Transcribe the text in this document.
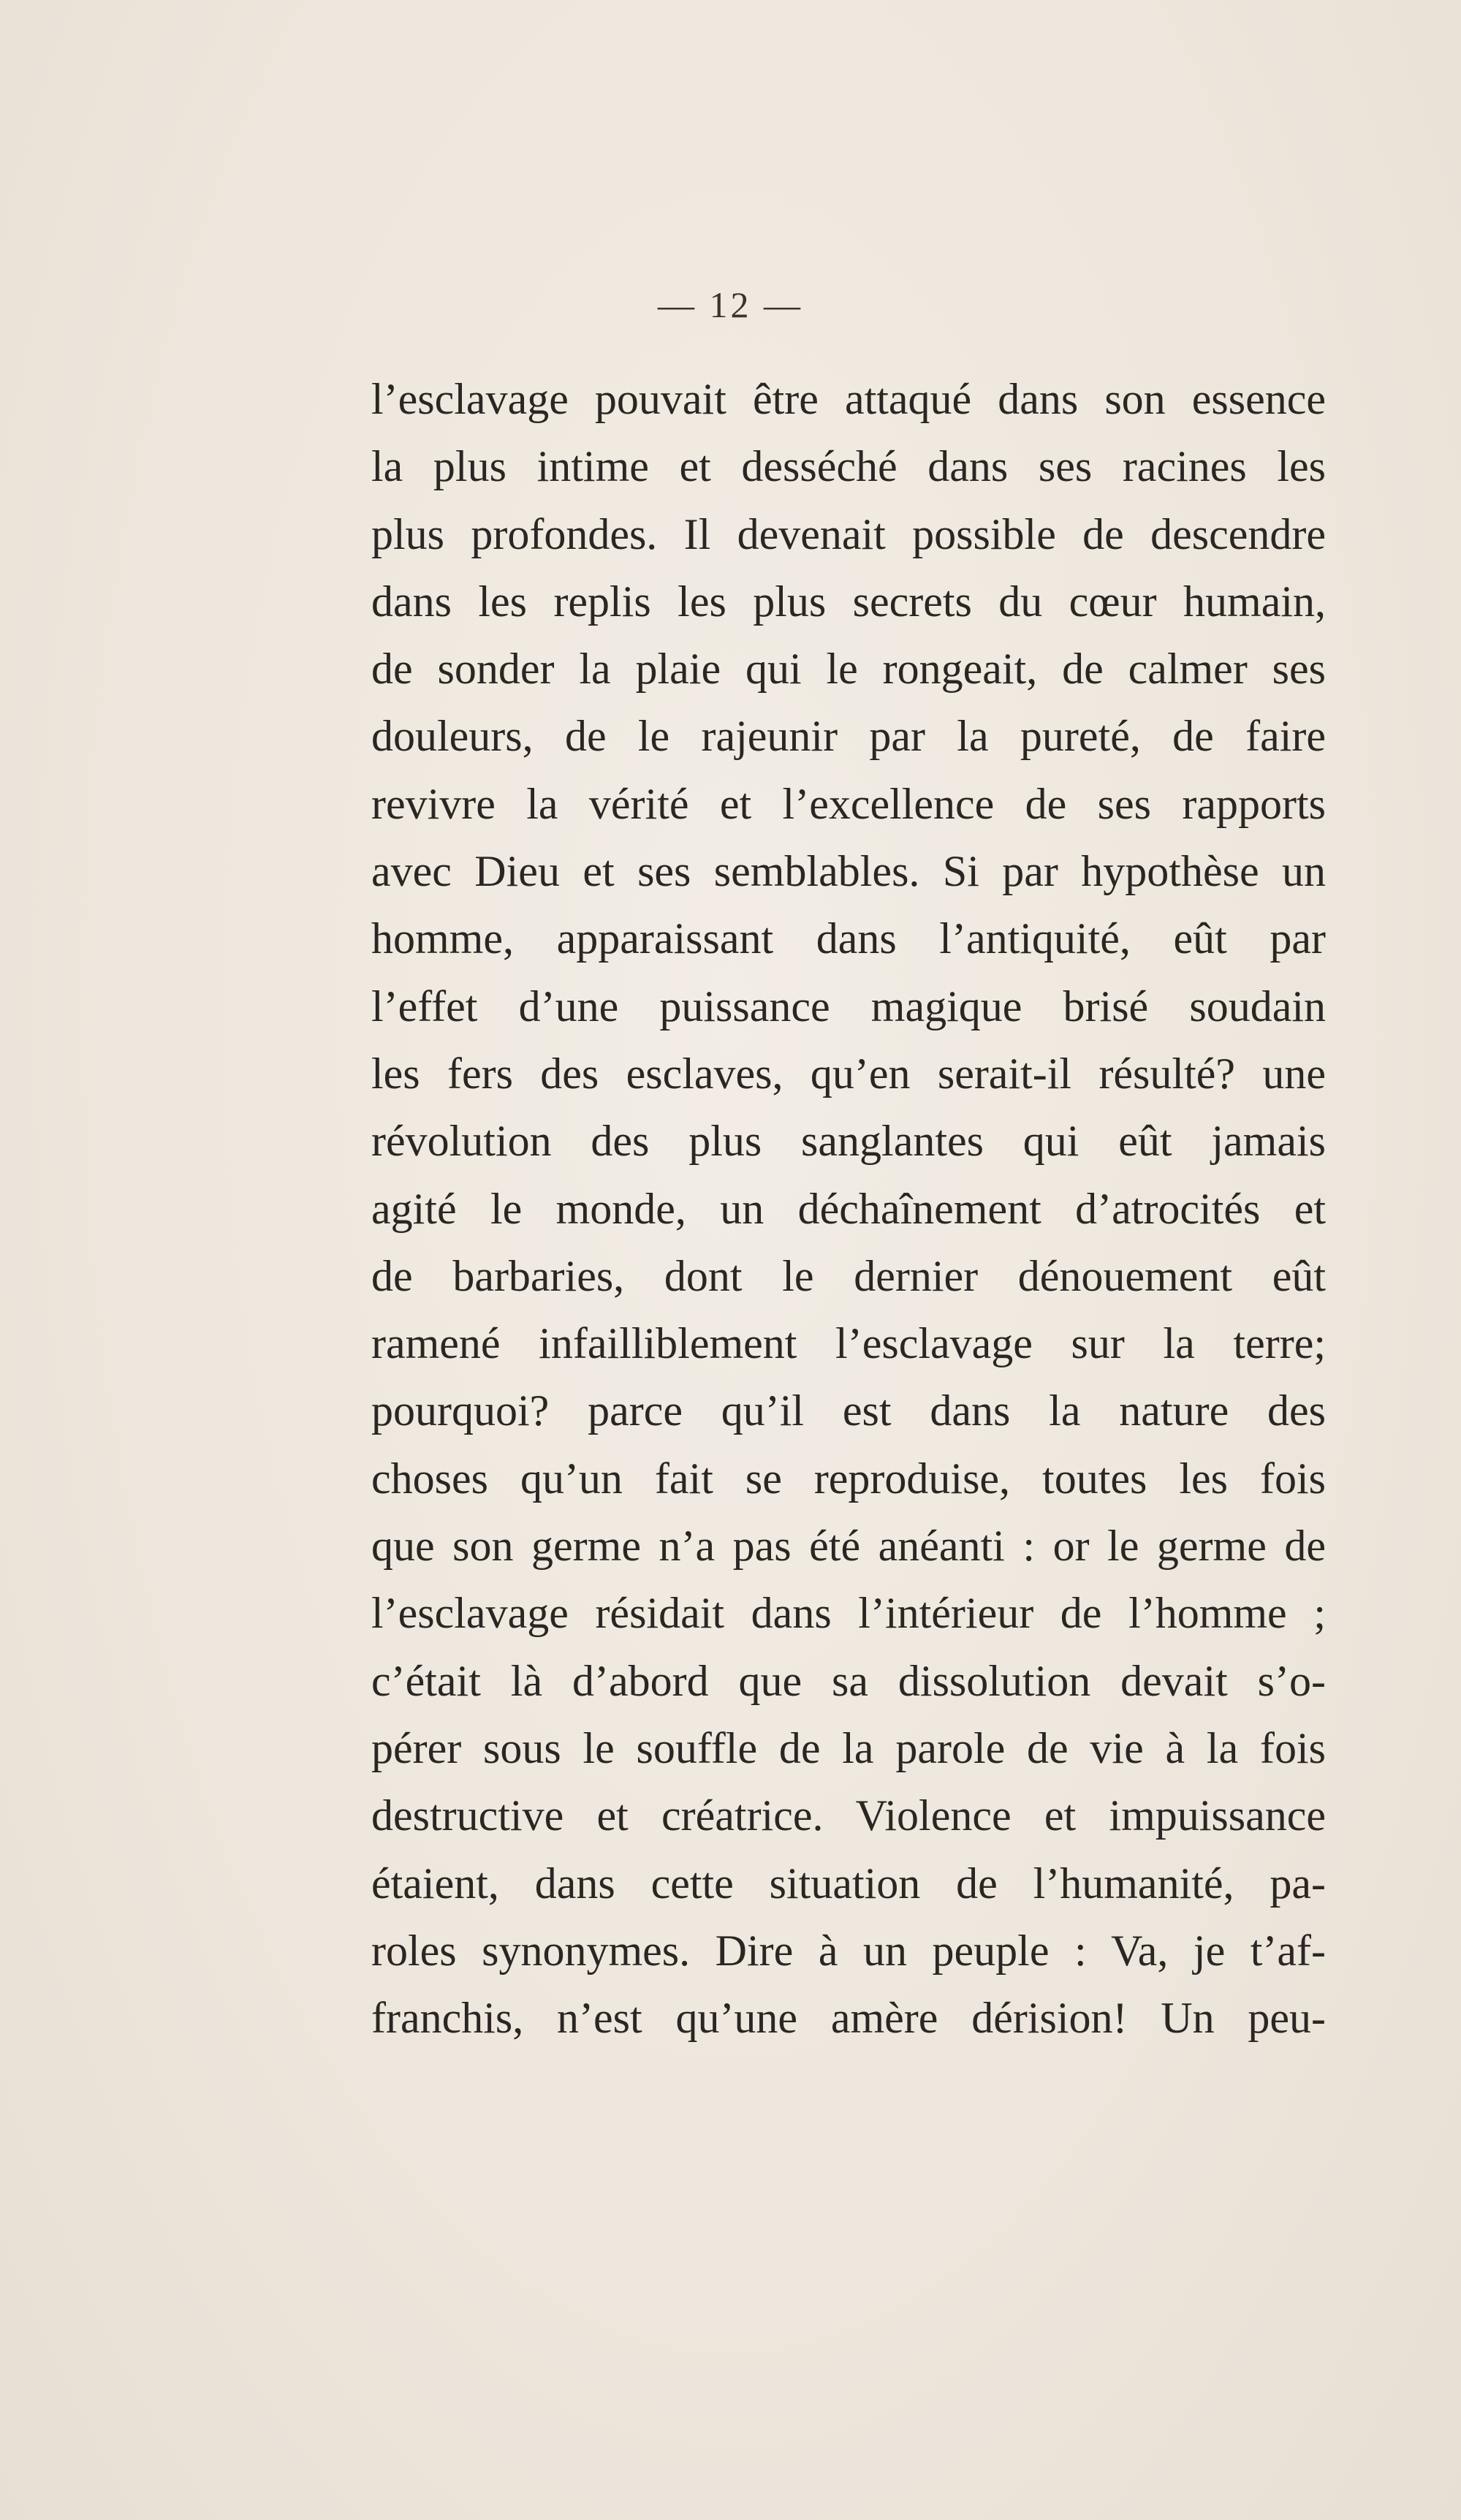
— 12 —
l’esclavage pouvait être attaqué dans son essence
la plus intime et desséché dans ses racines les
plus profondes. Il devenait possible de descendre
dans les replis les plus secrets du cœur humain,
de sonder la plaie qui le rongeait, de calmer ses
douleurs, de le rajeunir par la pureté, de faire
revivre la vérité et l’excellence de ses rapports
avec Dieu et ses semblables. Si par hypothèse un
homme, apparaissant dans l’antiquité, eût par
l’effet d’une puissance magique brisé soudain
les fers des esclaves, qu’en serait-il résulté? une
révolution des plus sanglantes qui eût jamais
agité le monde, un déchaînement d’atrocités et
de barbaries, dont le dernier dénouement eût
ramené infailliblement l’esclavage sur la terre;
pourquoi? parce qu’il est dans la nature des
choses qu’un fait se reproduise, toutes les fois
que son germe n’a pas été anéanti : or le germe de
l’esclavage résidait dans l’intérieur de l’homme ;
c’était là d’abord que sa dissolution devait s’o-
pérer sous le souffle de la parole de vie à la fois
destructive et créatrice. Violence et impuissance
étaient, dans cette situation de l’humanité, pa-
roles synonymes. Dire à un peuple : Va, je t’af-
franchis, n’est qu’une amère dérision! Un peu-
